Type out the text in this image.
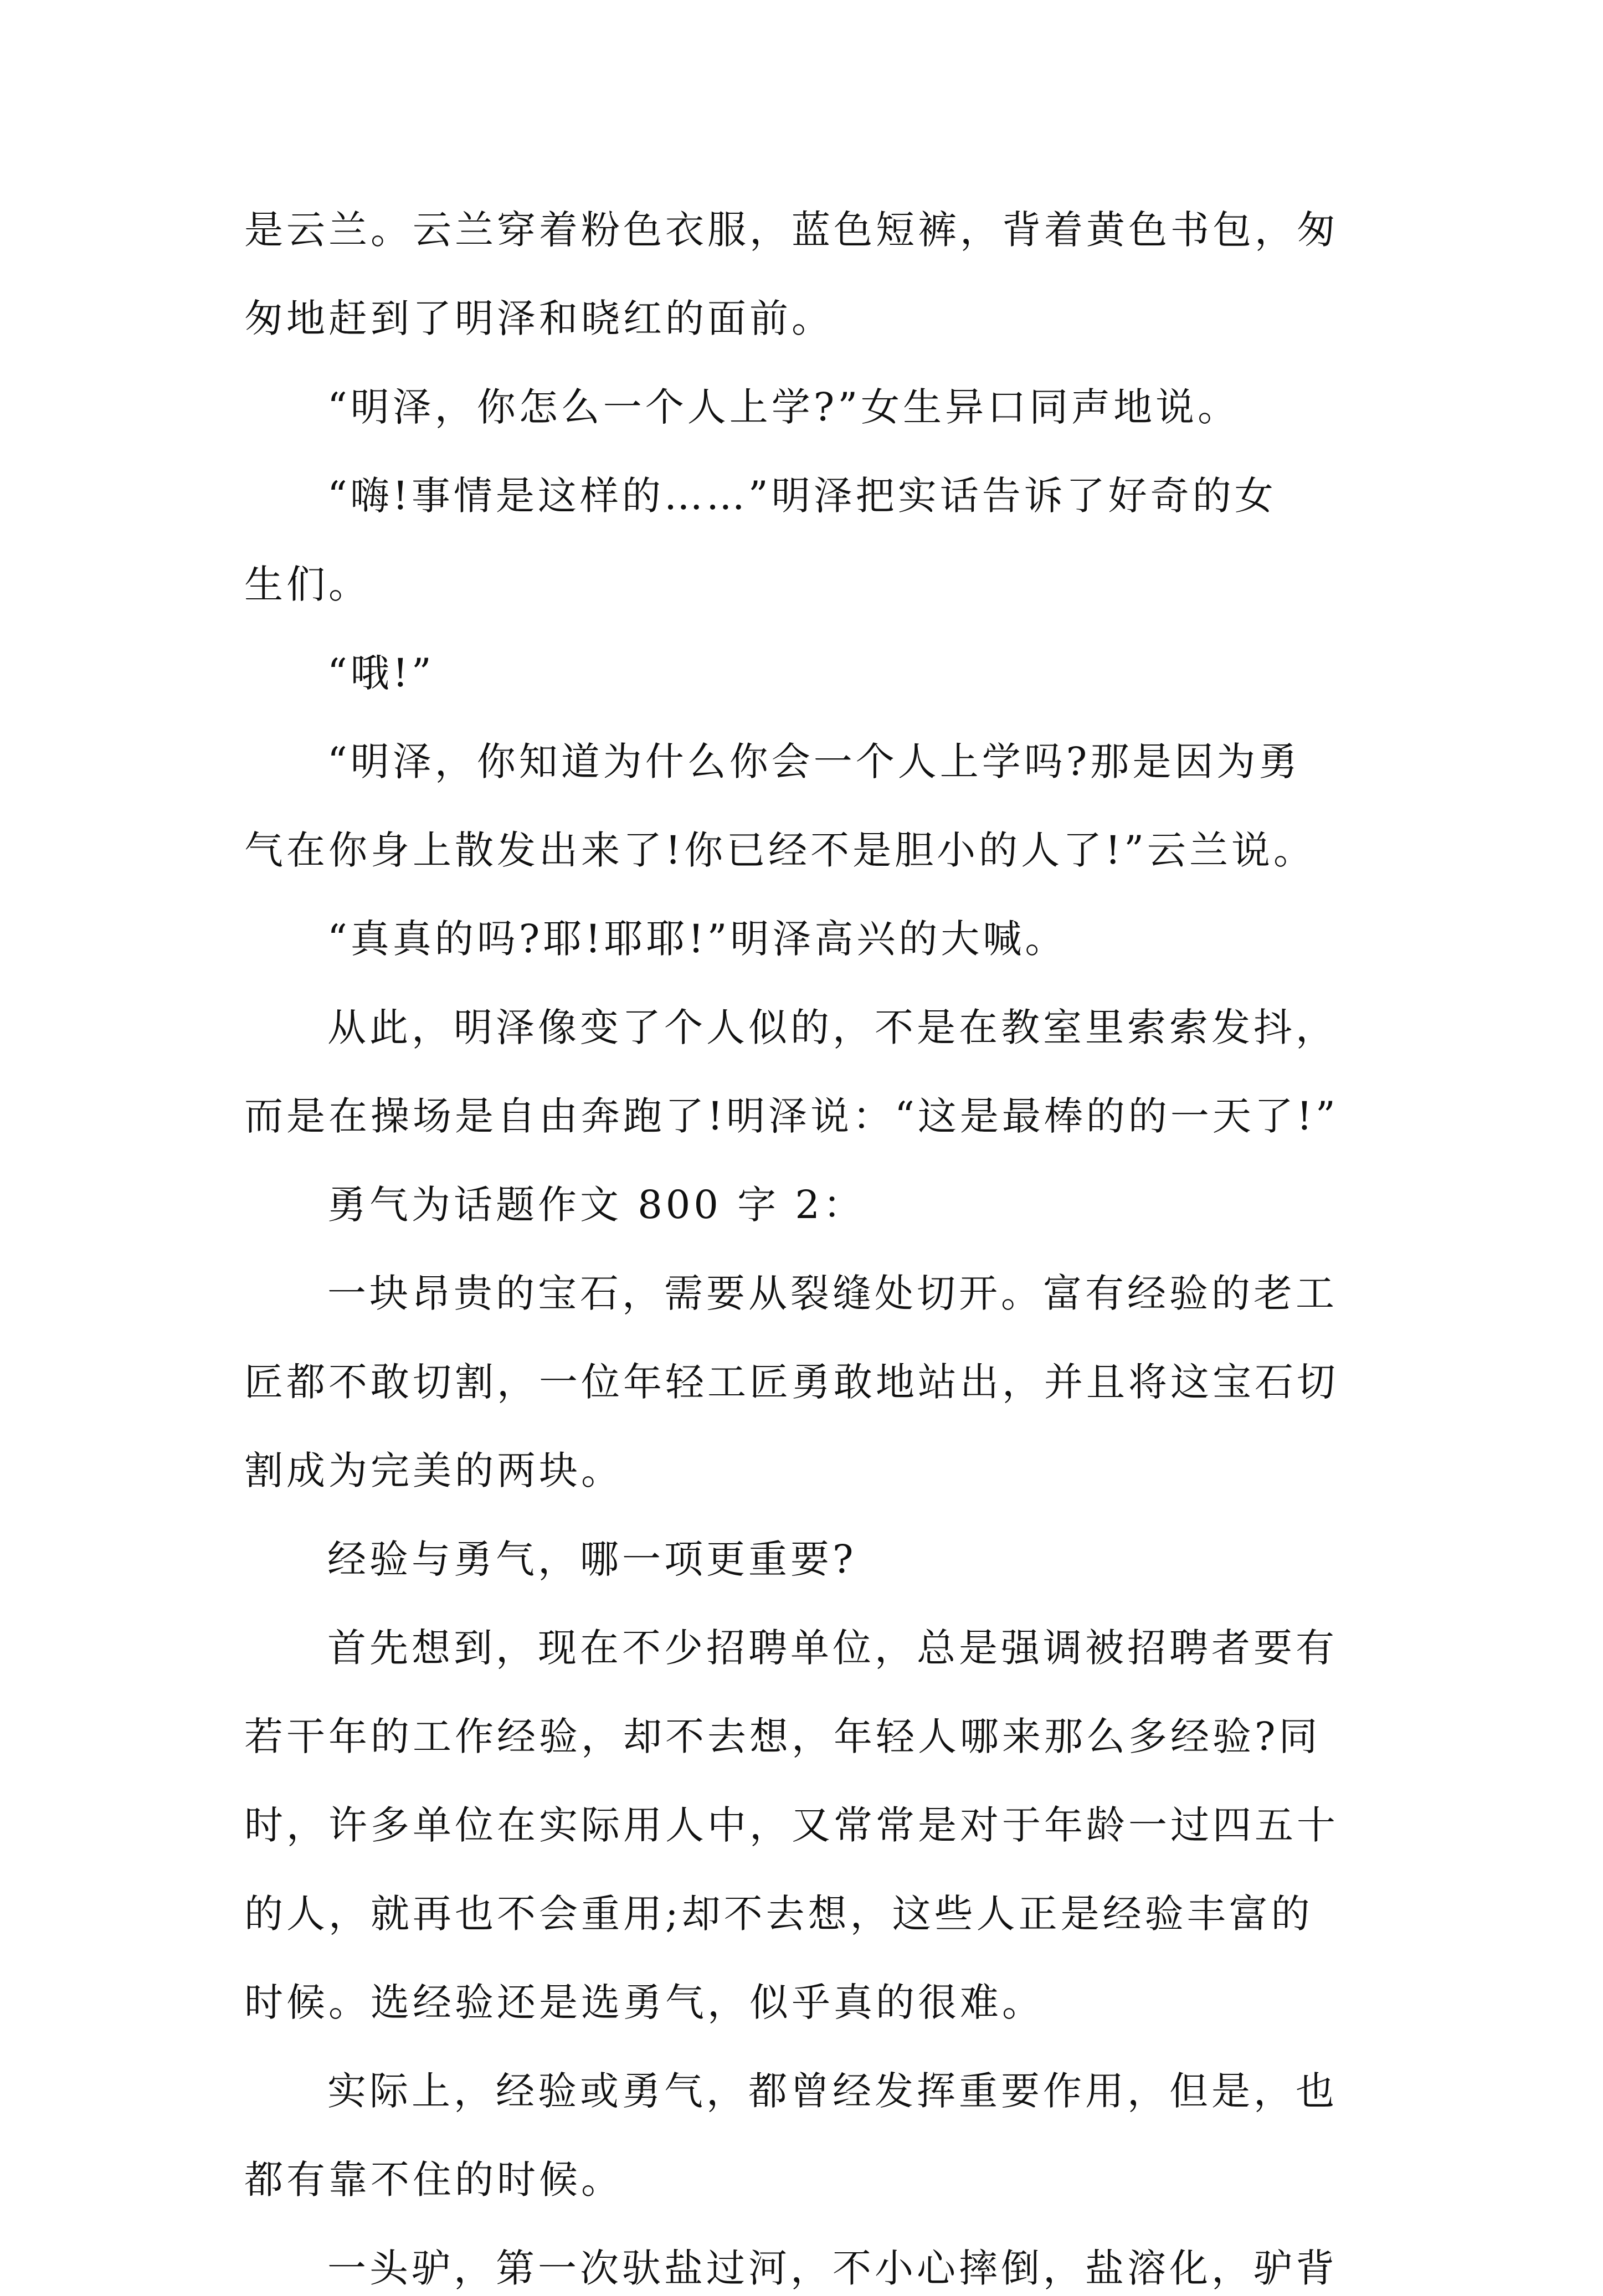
是云兰。云兰穿着粉色衣服，蓝色短裤，背着黄色书包，匆
匆地赶到了明泽和晓红的面前。
“明泽，你怎么一个人上学?”女生异口同声地说。
“嗨!事情是这样的……”明泽把实话告诉了好奇的女
生们。
“哦!”
“明泽，你知道为什么你会一个人上学吗?那是因为勇
气在你身上散发出来了!你已经不是胆小的人了!”云兰说。
“真真的吗?耶!耶耶!”明泽高兴的大喊。
从此，明泽像变了个人似的，不是在教室里索索发抖，
而是在操场是自由奔跑了!明泽说：“这是最棒的的一天了!”
勇气为话题作文 800 字 2：
一块昂贵的宝石，需要从裂缝处切开。富有经验的老工
匠都不敢切割，一位年轻工匠勇敢地站出，并且将这宝石切
割成为完美的两块。
经验与勇气，哪一项更重要?
首先想到，现在不少招聘单位，总是强调被招聘者要有
若干年的工作经验，却不去想，年轻人哪来那么多经验?同
时，许多单位在实际用人中，又常常是对于年龄一过四五十
的人，就再也不会重用;却不去想，这些人正是经验丰富的
时候。选经验还是选勇气，似乎真的很难。
实际上，经验或勇气，都曾经发挥重要作用，但是，也
都有靠不住的时候。
一头驴，第一次驮盐过河，不小心摔倒，盐溶化，驴背
